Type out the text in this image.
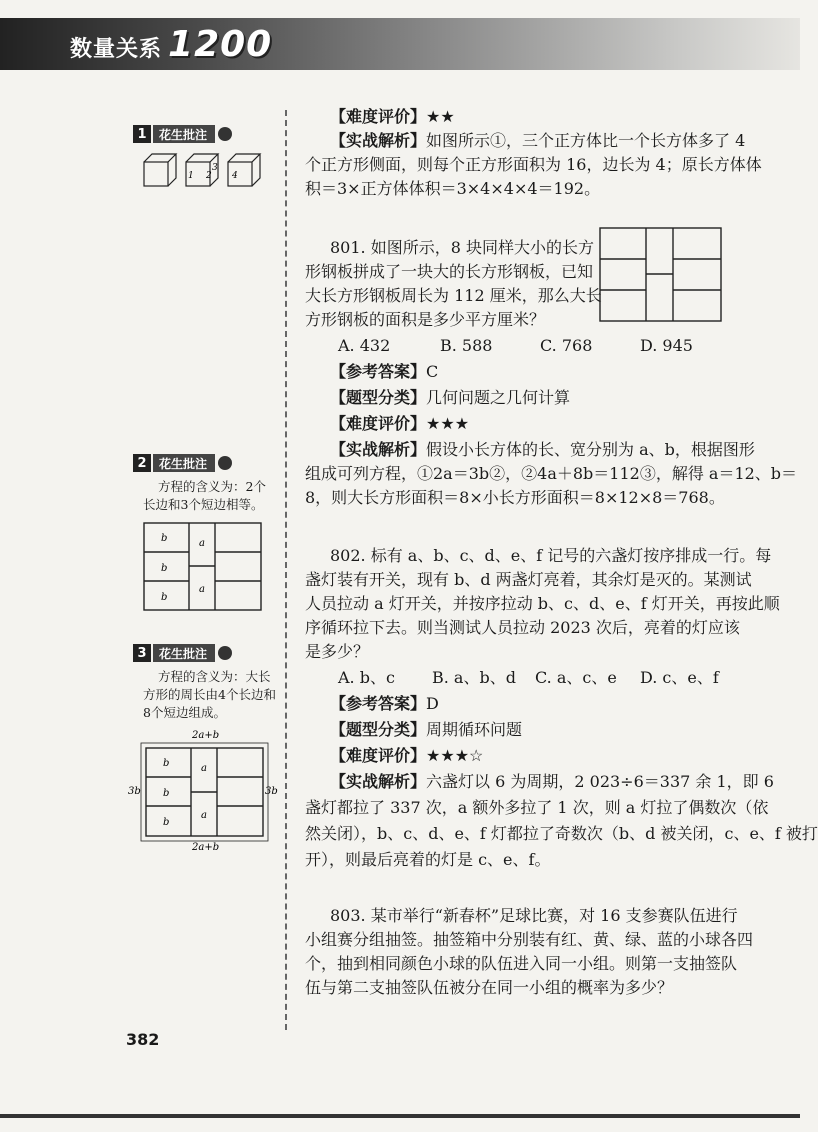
数量关系 1200
1	花生批注
1 2
3
4
2	花生批注
方程的含义为：2个
长边和3个短边相等。
b	a
b
b
a
3	花生批注
方程的含义为：大长
方形的周长由4个长边和
8个短边组成。
2a+b
3b	3b
b	a
b
b
a
2a+b
【难度评价】★★
【实战解析】如图所示①，三个正方体比一个长方体多了 4
个正方形侧面，则每个正方形面积为 16，边长为 4；原长方体体
积＝3×正方体体积＝3×4×4×4＝192。
801. 如图所示，8 块同样大小的长方
形钢板拼成了一块大的长方形钢板，已知
大长方形钢板周长为 112 厘米，那么大长
方形钢板的面积是多少平方厘米？
A. 432	B. 588	C. 768	D. 945
【参考答案】C
【题型分类】几何问题之几何计算
【难度评价】★★★
【实战解析】假设小长方体的长、宽分别为 a、b，根据图形
组成可列方程，①2a＝3b②，②4a＋8b＝112③，解得 a＝12、b＝
8，则大长方形面积＝8×小长方形面积＝8×12×8＝768。
802. 标有 a、b、c、d、e、f 记号的六盏灯按序排成一行。每
盏灯装有开关，现有 b、d 两盏灯亮着，其余灯是灭的。某测试
人员拉动 a 灯开关，并按序拉动 b、c、d、e、f 灯开关，再按此顺
序循环拉下去。则当测试人员拉动 2023 次后，亮着的灯应该
是多少？
A. b、c B. a、b、d C. a、c、e D. c、e、f
【参考答案】D
【题型分类】周期循环问题
【难度评价】★★★☆
【实战解析】六盏灯以 6 为周期，2 023÷6＝337 余 1，即 6
盏灯都拉了 337 次，a 额外多拉了 1 次，则 a 灯拉了偶数次（依
然关闭），b、c、d、e、f 灯都拉了奇数次（b、d 被关闭，c、e、f 被打
开），则最后亮着的灯是 c、e、f。
803. 某市举行“新春杯”足球比赛，对 16 支参赛队伍进行
小组赛分组抽签。抽签箱中分别装有红、黄、绿、蓝的小球各四
个，抽到相同颜色小球的队伍进入同一小组。则第一支抽签队
伍与第二支抽签队伍被分在同一小组的概率为多少？
382
